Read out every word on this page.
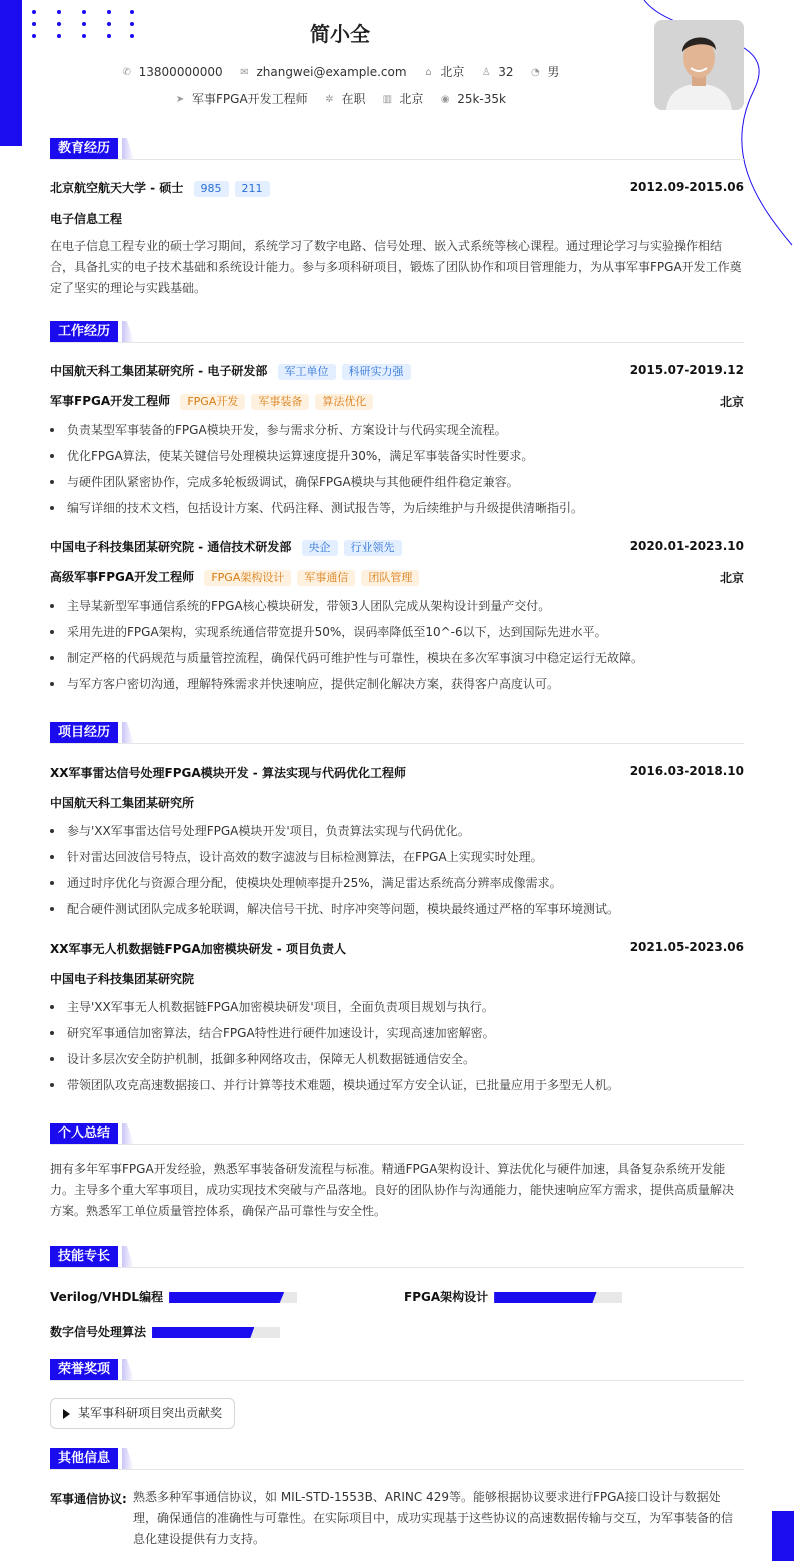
简小全
✆ 13800000000 ✉ zhangwei@example.com ⌂ 北京 ♙ 32 ◔ 男
➤ 军事FPGA开发工程师 ✲ 在职 ▥ 北京 ◉ 25k-35k
教育经历
北京航空航天大学 - 硕士 985 211	2012.09-2015.06
电子信息工程
在电子信息工程专业的硕士学习期间，系统学习了数字电路、信号处理、嵌入式系统等核心课程。通过理论学习与实验操作相结合，具备扎实的电子技术基础和系统设计能力。参与多项科研项目，锻炼了团队协作和项目管理能力，为从事军事FPGA开发工作奠定了坚实的理论与实践基础。
工作经历
中国航天科工集团某研究所 - 电子研发部 军工单位 科研实力强	2015.07-2019.12
军事FPGA开发工程师 FPGA开发 军事装备 算法优化	北京
负责某型军事装备的FPGA模块开发，参与需求分析、方案设计与代码实现全流程。
优化FPGA算法，使某关键信号处理模块运算速度提升30%，满足军事装备实时性要求。
与硬件团队紧密协作，完成多轮板级调试，确保FPGA模块与其他硬件组件稳定兼容。
编写详细的技术文档，包括设计方案、代码注释、测试报告等，为后续维护与升级提供清晰指引。
中国电子科技集团某研究院 - 通信技术研发部 央企 行业领先	2020.01-2023.10
高级军事FPGA开发工程师 FPGA架构设计 军事通信 团队管理	北京
主导某新型军事通信系统的FPGA核心模块研发，带领3人团队完成从架构设计到量产交付。
采用先进的FPGA架构，实现系统通信带宽提升50%，误码率降低至10^-6以下，达到国际先进水平。
制定严格的代码规范与质量管控流程，确保代码可维护性与可靠性，模块在多次军事演习中稳定运行无故障。
与军方客户密切沟通，理解特殊需求并快速响应，提供定制化解决方案，获得客户高度认可。
项目经历
XX军事雷达信号处理FPGA模块开发 - 算法实现与代码优化工程师	2016.03-2018.10
中国航天科工集团某研究所
参与'XX军事雷达信号处理FPGA模块开发'项目，负责算法实现与代码优化。
针对雷达回波信号特点，设计高效的数字滤波与目标检测算法，在FPGA上实现实时处理。
通过时序优化与资源合理分配，使模块处理帧率提升25%，满足雷达系统高分辨率成像需求。
配合硬件测试团队完成多轮联调，解决信号干扰、时序冲突等问题，模块最终通过严格的军事环境测试。
XX军事无人机数据链FPGA加密模块研发 - 项目负责人	2021.05-2023.06
中国电子科技集团某研究院
主导'XX军事无人机数据链FPGA加密模块研发'项目，全面负责项目规划与执行。
研究军事通信加密算法，结合FPGA特性进行硬件加速设计，实现高速加密解密。
设计多层次安全防护机制，抵御多种网络攻击，保障无人机数据链通信安全。
带领团队攻克高速数据接口、并行计算等技术难题，模块通过军方安全认证，已批量应用于多型无人机。
个人总结
拥有多年军事FPGA开发经验，熟悉军事装备研发流程与标准。精通FPGA架构设计、算法优化与硬件加速，具备复杂系统开发能力。主导多个重大军事项目，成功实现技术突破与产品落地。良好的团队协作与沟通能力，能快速响应军方需求，提供高质量解决方案。熟悉军工单位质量管控体系，确保产品可靠性与安全性。
技能专长
Verilog/VHDL编程	FPGA架构设计
数字信号处理算法
荣誉奖项
某军事科研项目突出贡献奖
其他信息
军事通信协议: 熟悉多种军事通信协议，如 MIL-STD-1553B、ARINC 429等。能够根据协议要求进行FPGA接口设计与数据处理，确保通信的准确性与可靠性。在实际项目中，成功实现基于这些协议的高速数据传输与交互，为军事装备的信息化建设提供有力支持。
